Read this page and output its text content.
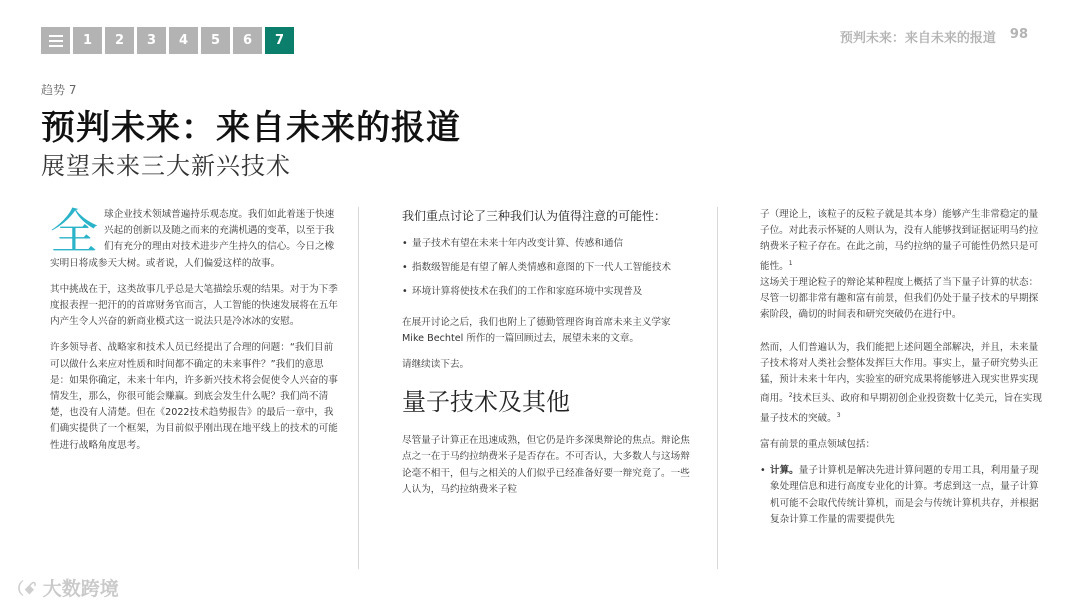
1	2	3	4	5	6	7	预判未来：来自未来的报道 98
趋势 7
预判未来：来自未来的报道
展望未来三大新兴技术

全 球企业技术领域普遍持乐观态度。我们如此着迷于快速兴起的创新以及随之而来的充满机遇的变革，以至于我们有充分的理由对技术进步产生持久的信心。今日之橡实明日将成参天大树。或者说，人们偏爱这样的故事。

其中挑战在于，这类故事几乎总是大笔描绘乐观的结果。对于为下季度报表捏一把汗的的首席财务官而言，人工智能的快速发展将在五年内产生令人兴奋的新商业模式这一说法只是冷冰冰的安慰。

许多领导者、战略家和技术人员已经提出了合理的问题：“我们目前可以做什么来应对性质和时间都不确定的未来事件？”我们的意思是：如果你确定，未来十年内，许多新兴技术将会促使令人兴奋的事情发生，那么，你很可能会赚赢。到底会发生什么呢？我们尚不清楚，也没有人清楚。但在《2022技术趋势报告》的最后一章中，我们确实提供了一个框架，为目前似乎刚出现在地平线上的技术的可能性进行战略角度思考。

我们重点讨论了三种我们认为值得注意的可能性：

• 量子技术有望在未来十年内改变计算、传感和通信
• 指数级智能是有望了解人类情感和意图的下一代人工智能技术
• 环境计算将使技术在我们的工作和家庭环境中实现普及

在展开讨论之后，我们也附上了德勤管理咨询首席未来主义学家 Mike Bechtel 所作的一篇回顾过去，展望未来的文章。

请继续读下去。

量子技术及其他

尽管量子计算正在迅速成熟，但它仍是许多深奥辩论的焦点。辩论焦点之一在于马约拉纳费米子是否存在。不可否认，大多数人与这场辩论毫不相干，但与之相关的人们似乎已经准备好要一辩究竟了。一些人认为，马约拉纳费米子粒

子（理论上，该粒子的反粒子就是其本身）能够产生非常稳定的量子位。对此表示怀疑的人则认为，没有人能够找到证据证明马约拉纳费米子粒子存在。在此之前，马约拉纳的量子可能性仍然只是可能性。$^1$

这场关于理论粒子的辩论某种程度上概括了当下量子计算的状态：尽管一切都非常有趣和富有前景，但我们仍处于量子技术的早期探索阶段，确切的时间表和研究突破仍在进行中。

然而，人们普遍认为，我们能把上述问题全部解决，并且，未来量子技术将对人类社会整体发挥巨大作用。事实上，量子研究势头正猛，预计未来十年内，实验室的研究成果将能够进入现实世界实现商用。$^2$技术巨头、政府和早期初创企业投资数十亿美元，旨在实现量子技术的突破。$^3$

富有前景的重点领域包括：

• 计算。量子计算机是解决先进计算问题的专用工具，利用量子现象处理信息和进行高度专业化的计算。考虑到这一点，量子计算机可能不会取代传统计算机，而是会与传统计算机共存，并根据复杂计算工作量的需要提供先
（ꗃ 大数跨境
